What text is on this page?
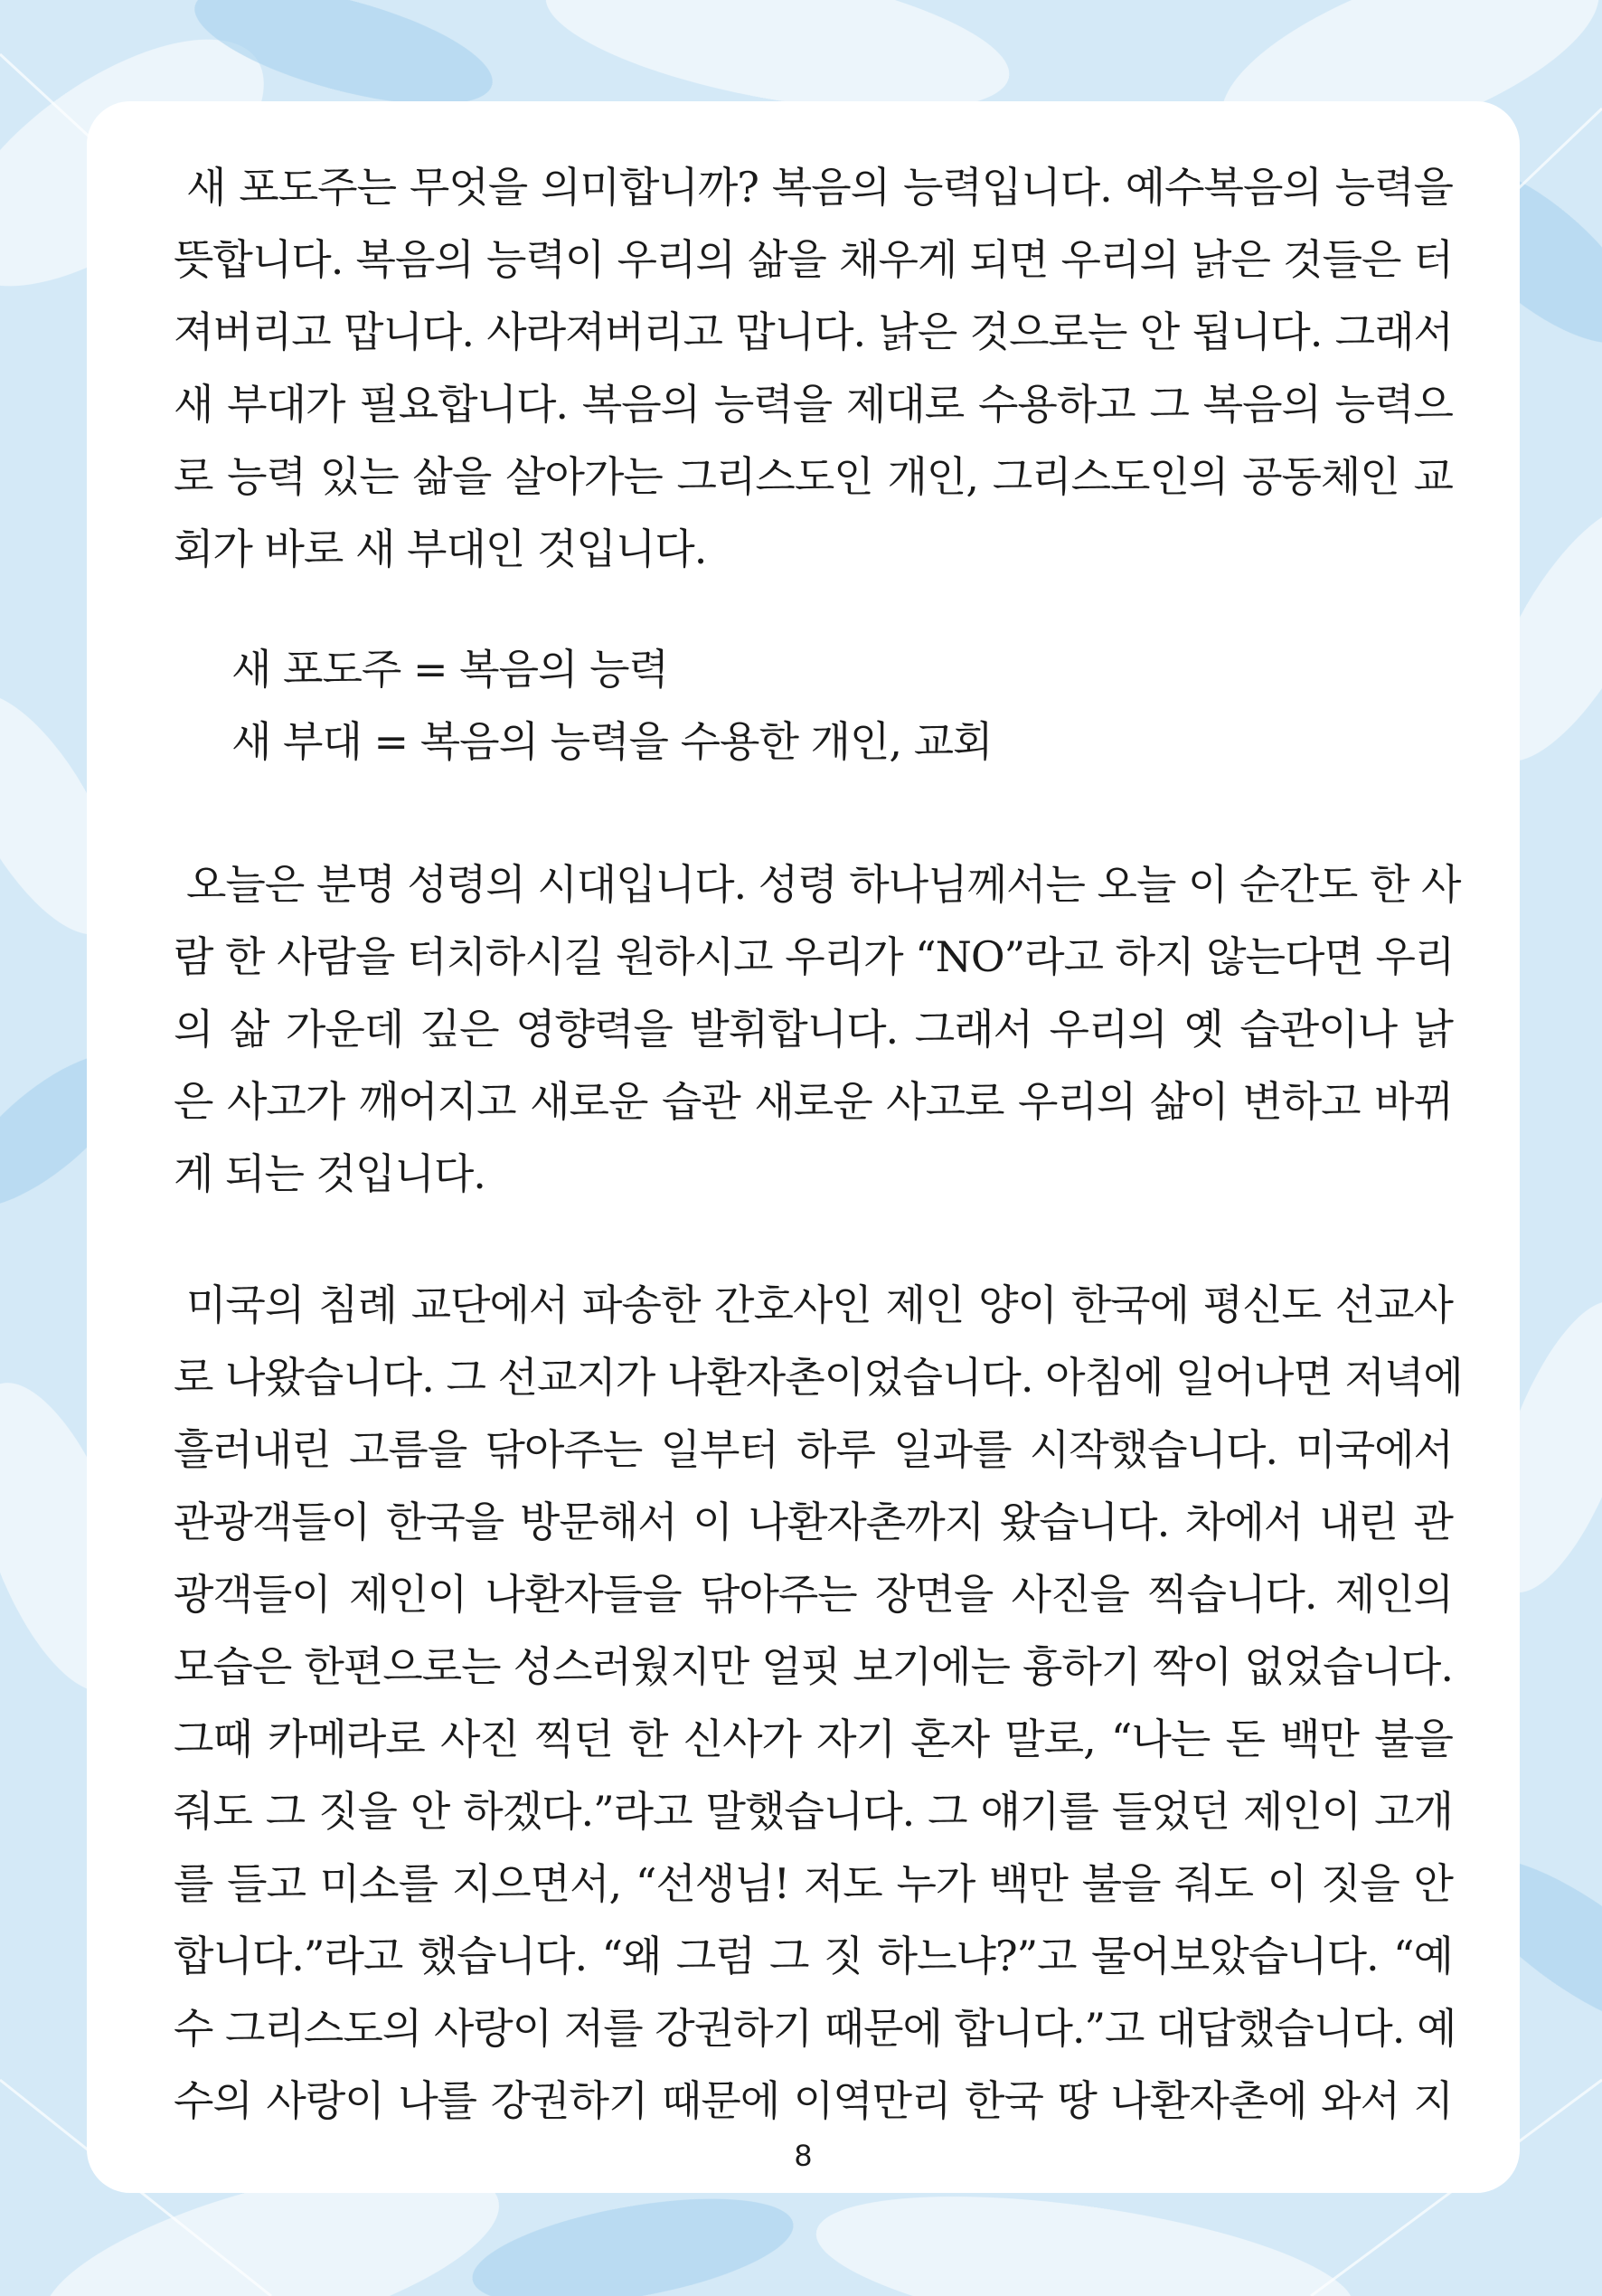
새 포도주는 무엇을 의미합니까? 복음의 능력입니다. 예수복음의 능력을
뜻합니다. 복음의 능력이 우리의 삶을 채우게 되면 우리의 낡은 것들은 터
져버리고 맙니다. 사라져버리고 맙니다. 낡은 것으로는 안 됩니다. 그래서
새 부대가 필요합니다. 복음의 능력을 제대로 수용하고 그 복음의 능력으
로 능력 있는 삶을 살아가는 그리스도인 개인, 그리스도인의 공동체인 교
회가 바로 새 부대인 것입니다.
새 포도주 = 복음의 능력
새 부대 = 복음의 능력을 수용한 개인, 교회
오늘은 분명 성령의 시대입니다. 성령 하나님께서는 오늘 이 순간도 한 사
람 한 사람을 터치하시길 원하시고 우리가 “NO”라고 하지 않는다면 우리
의 삶 가운데 깊은 영향력을 발휘합니다. 그래서 우리의 옛 습관이나 낡
은 사고가 깨어지고 새로운 습관 새로운 사고로 우리의 삶이 변하고 바뀌
게 되는 것입니다.
미국의 침례 교단에서 파송한 간호사인 제인 양이 한국에 평신도 선교사
로 나왔습니다. 그 선교지가 나환자촌이었습니다. 아침에 일어나면 저녁에
흘러내린 고름을 닦아주는 일부터 하루 일과를 시작했습니다. 미국에서
관광객들이 한국을 방문해서 이 나환자촌까지 왔습니다. 차에서 내린 관
광객들이 제인이 나환자들을 닦아주는 장면을 사진을 찍습니다. 제인의
모습은 한편으로는 성스러웠지만 얼핏 보기에는 흉하기 짝이 없었습니다.
그때 카메라로 사진 찍던 한 신사가 자기 혼자 말로, “나는 돈 백만 불을
줘도 그 짓을 안 하겠다.”라고 말했습니다. 그 얘기를 들었던 제인이 고개
를 들고 미소를 지으면서, “선생님! 저도 누가 백만 불을 줘도 이 짓을 안
합니다.”라고 했습니다. “왜 그럼 그 짓 하느냐?”고 물어보았습니다. “예
수 그리스도의 사랑이 저를 강권하기 때문에 합니다.”고 대답했습니다. 예
수의 사랑이 나를 강권하기 때문에 이역만리 한국 땅 나환자촌에 와서 지
8
